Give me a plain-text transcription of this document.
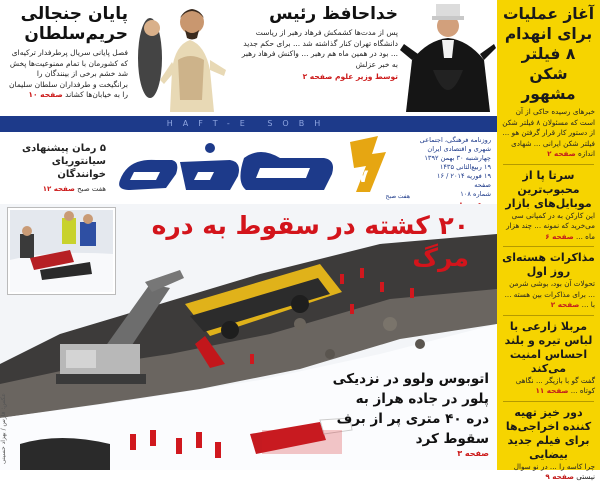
پایان جنجالی حریم‌سلطان

فصل پایانی سریال پرطرفدار ترکیه‌ای که کشورمان با تمام ممنوعیت‌ها پخش شد خشم برخی از بینندگان را برانگیخت و طرفداران سلطان سلیمان را به خیابان‌ها کشاند صفحه ۱۰

خداحافظ رئیس

پس از مدت‌ها کشمکش فرهاد رهبر از ریاست دانشگاه تهران کنار گذاشته شد ... برای حکم جدید ... بود در همین ماه هم رهبر ... واکنش فرهاد رهبر به خبر عزلش
توسط وزیر علوم صفحه ۲
آغاز عملیات برای انهدام ۸ فیلتر شکن مشهور
خبرهای رسیده حاکی از آن است که مسئولان ۸ فیلتر شکن از دستور کار قرار گرفتن هو ... فیلتر شکن ایرانی ... شهادی اندازه صفحه ۲
سرتا پا از محبوب‌ترین موبایل‌های بازار
این کارکن به در کمپانی سی می‌خرید که نمونه ... چند هزار ماه ... صفحه ۶
مذاکرات هسته‌ای روز اول
تحولات آن بود، بوشی شرمن ... برای مذاکرات بین هسته ... با ... صفحه ۲
مربلا زارعی با لباس تیره و بلند احساس امنیت می‌کند
گفت گو با بازیگر ... نگاهی کوتاه ... صفحه ۱۱
دور خیز تهیه کننده اخراجی‌ها برای فیلم جدید بیضایی
چرا کاسه را ... در نو سوال نیستی صفحه ۹
HAFT-E SOBH
۵ رمان پیشنهادی سیانتوریای خوانندگان
هفت صبح صفحه ۱۲
هفت صبح
۷
روزنامه فرهنگی، اجتماعی
شهری و اقتصادی ایران
چهارشنبه ۳۰ بهمن ۱۳۹۲
۱۹ ربیع‌الثانی ۱۴۳۵
۱۹ فوریه ۲۰۱۴ / ۱۶ صفحه
شماره ۱۰۸
۲۰ کشته در سقوط به دره مرگ
اتوبوس ولوو در نزدیکی پلور در جاده هراز به دره ۴۰ متری پر از برف سقوط کرد
صفحه ۳
عکس: فارس / بهزاد حسینی
